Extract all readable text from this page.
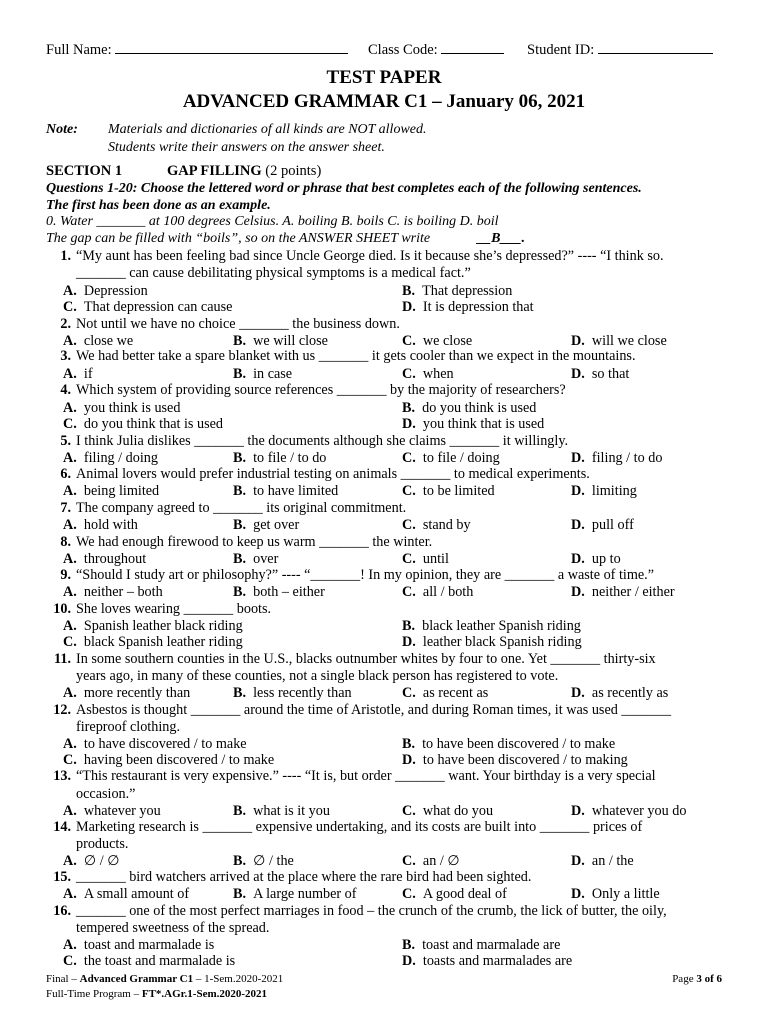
Full Name:	Class Code:	Student ID:
TEST PAPER
ADVANCED GRAMMAR C1 – January 06, 2021
Note: Materials and dictionaries of all kinds are NOT allowed.
Students write their answers on the answer sheet.
SECTION 1	GAP FILLING (2 points)
Questions 1-20: Choose the lettered word or phrase that best completes each of the following sentences.
The first has been done as an example.
0. Water _______ at 100 degrees Celsius. A. boiling B. boils C. is boiling D. boil
The gap can be filled with “boils”, so on the ANSWER SHEET write	__B___.
1. “My aunt has been feeling bad since Uncle George died. Is it because she’s depressed?” ---- “I think so.
_______ can cause debilitating physical symptoms is a medical fact.”
A. Depression	B. That depression
C. That depression can cause	D. It is depression that
2. Not until we have no choice _______ the business down.
A. close we	B. we will close	C. we close	D. will we close
3. We had better take a spare blanket with us _______ it gets cooler than we expect in the mountains.
A. if	B. in case	C. when	D. so that
4. Which system of providing source references _______ by the majority of researchers?
A. you think is used	B. do you think is used
C. do you think that is used	D. you think that is used
5. I think Julia dislikes _______ the documents although she claims _______ it willingly.
A. filing / doing	B. to file / to do	C. to file / doing	D. filing / to do
6. Animal lovers would prefer industrial testing on animals _______ to medical experiments.
A. being limited	B. to have limited	C. to be limited	D. limiting
7. The company agreed to _______ its original commitment.
A. hold with	B. get over	C. stand by	D. pull off
8. We had enough firewood to keep us warm _______ the winter.
A. throughout	B. over	C. until	D. up to
9. “Should I study art or philosophy?” ---- “_______! In my opinion, they are _______ a waste of time.”
A. neither – both	B. both – either	C. all / both	D. neither / either
10. She loves wearing _______ boots.
A. Spanish leather black riding	B. black leather Spanish riding
C. black Spanish leather riding	D. leather black Spanish riding
11. In some southern counties in the U.S., blacks outnumber whites by four to one. Yet _______ thirty-six
years ago, in many of these counties, not a single black person has registered to vote.
A. more recently than	B. less recently than	C. as recent as	D. as recently as
12. Asbestos is thought _______ around the time of Aristotle, and during Roman times, it was used _______
fireproof clothing.
A. to have discovered / to make	B. to have been discovered / to make
C. having been discovered / to make	D. to have been discovered / to making
13. “This restaurant is very expensive.” ---- “It is, but order _______ want. Your birthday is a very special
occasion.”
A. whatever you	B. what is it you	C. what do you	D. whatever you do
14. Marketing research is _______ expensive undertaking, and its costs are built into _______ prices of
products.
A. ∅ / ∅	B. ∅ / the	C. an / ∅	D. an / the
15. _______ bird watchers arrived at the place where the rare bird had been sighted.
A. A small amount of	B. A large number of	C. A good deal of	D. Only a little
16. _______ one of the most perfect marriages in food – the crunch of the crumb, the lick of butter, the oily,
tempered sweetness of the spread.
A. toast and marmalade is	B. toast and marmalade are
C. the toast and marmalade is	D. toasts and marmalades are
Final – Advanced Grammar C1 – 1-Sem.2020-2021
Full-Time Program – FT*.AGr.1-Sem.2020-2021
Page 3 of 6
